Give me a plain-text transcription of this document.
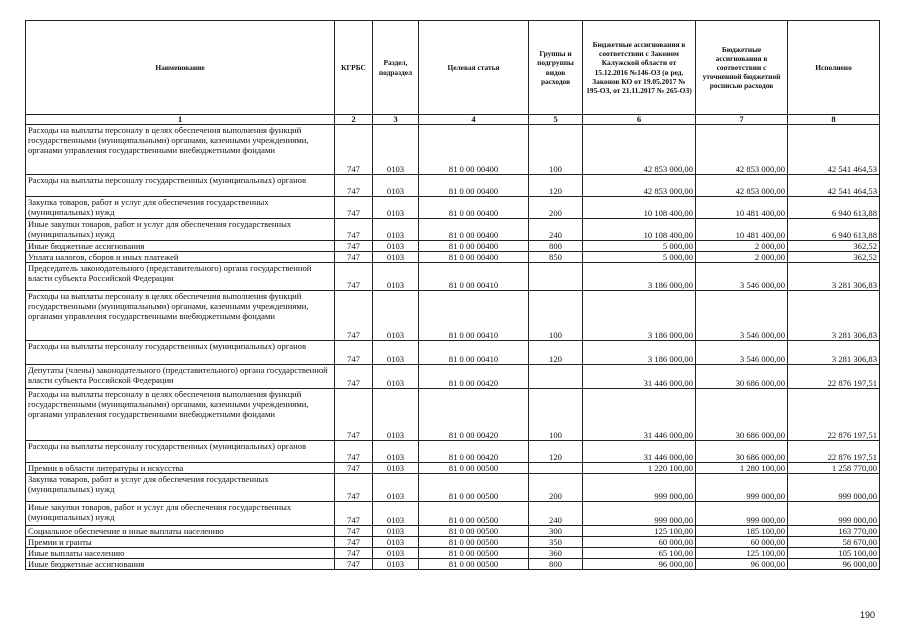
Наименование	КГРБС	Раздел, подраздел	Целевая статья	Группы и подгруппы видов расходов	Бюджетные ассигнования в соответствии с Законом Калужской области от 15.12.2016 №146-ОЗ (в ред. Законов КО от 19.05.2017 № 195-ОЗ, от 21.11.2017 № 265-ОЗ)	Бюджетные ассигнования в соответствии с уточненной бюджетной росписью расходов	Исполнено
1	2	3	4	5	6	7	8
Расходы на выплаты персоналу в целях обеспечения выполнения функций государственными (муниципальными) органами, казенными учреждениями, органами управления государственными внебюджетными фондами	747	0103	81 0 00 00400	100	42 853 000,00	42 853 000,00	42 541 464,53
Расходы на выплаты персоналу государственных (муниципальных) органов	747	0103	81 0 00 00400	120	42 853 000,00	42 853 000,00	42 541 464,53
Закупка товаров, работ и услуг для обеспечения государственных (муниципальных) нужд	747	0103	81 0 00 00400	200	10 108 400,00	10 481 400,00	6 940 613,88
Иные закупки товаров, работ и услуг для обеспечения государственных (муниципальных) нужд	747	0103	81 0 00 00400	240	10 108 400,00	10 481 400,00	6 940 613,88
Иные бюджетные ассигнования	747	0103	81 0 00 00400	800	5 000,00	2 000,00	362,52
Уплата налогов, сборов и иных платежей	747	0103	81 0 00 00400	850	5 000,00	2 000,00	362,52
Председатель законодательного (представительного) органа государственной власти субъекта Российской Федерации	747	0103	81 0 00 00410		3 186 000,00	3 546 000,00	3 281 306,83
Расходы на выплаты персоналу в целях обеспечения выполнения функций государственными (муниципальными) органами, казенными учреждениями, органами управления государственными внебюджетными фондами	747	0103	81 0 00 00410	100	3 186 000,00	3 546 000,00	3 281 306,83
Расходы на выплаты персоналу государственных (муниципальных) органов	747	0103	81 0 00 00410	120	3 186 000,00	3 546 000,00	3 281 306,83
Депутаты (члены) законодательного (представительного) органа государственной власти субъекта Российской Федерации	747	0103	81 0 00 00420		31 446 000,00	30 686 000,00	22 876 197,51
Расходы на выплаты персоналу в целях обеспечения выполнения функций государственными (муниципальными) органами, казенными учреждениями, органами управления государственными внебюджетными фондами	747	0103	81 0 00 00420	100	31 446 000,00	30 686 000,00	22 876 197,51
Расходы на выплаты персоналу государственных (муниципальных) органов	747	0103	81 0 00 00420	120	31 446 000,00	30 686 000,00	22 876 197,51
Премии в области литературы и искусства	747	0103	81 0 00 00500		1 220 100,00	1 280 100,00	1 258 770,00
Закупка товаров, работ и услуг для обеспечения государственных (муниципальных) нужд	747	0103	81 0 00 00500	200	999 000,00	999 000,00	999 000,00
Иные закупки товаров, работ и услуг для обеспечения государственных (муниципальных) нужд	747	0103	81 0 00 00500	240	999 000,00	999 000,00	999 000,00
Социальное обеспечение и иные выплаты населению	747	0103	81 0 00 00500	300	125 100,00	185 100,00	163 770,00
Премии и гранты	747	0103	81 0 00 00500	350	60 000,00	60 000,00	58 670,00
Иные выплаты населению	747	0103	81 0 00 00500	360	65 100,00	125 100,00	105 100,00
Иные бюджетные ассигнования	747	0103	81 0 00 00500	800	96 000,00	96 000,00	96 000,00
190
